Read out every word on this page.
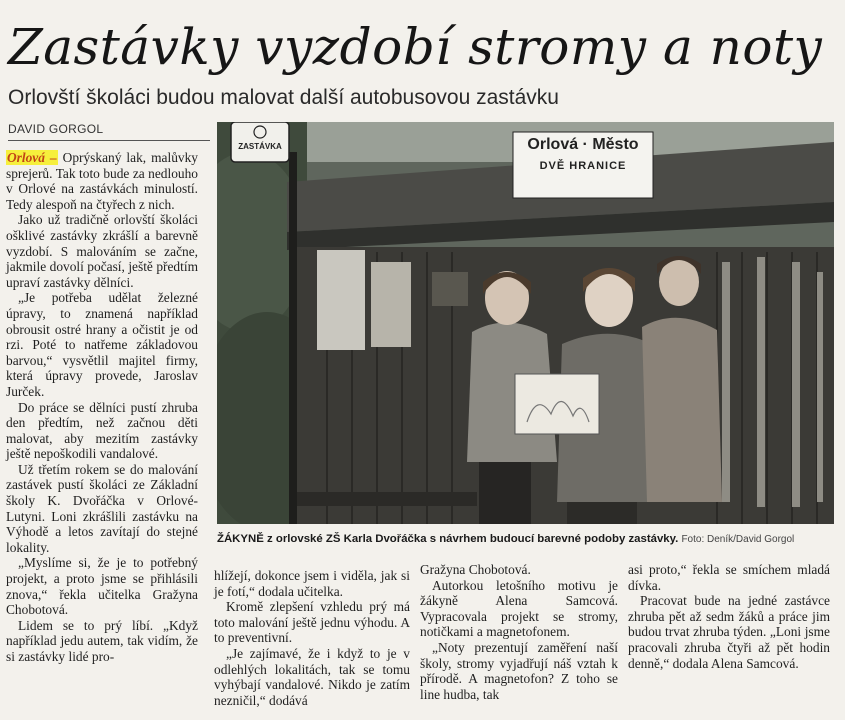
Zastávky vyzdobí stromy a noty
Orlovští školáci budou malovat další autobusovou zastávku
DAVID GORGOL

Orlová – Oprýskaný lak, malůvky sprejerů. Tak toto bude za nedlouho v Orlové na zastávkách minulostí. Tedy alespoň na čtyřech z nich.

Jako už tradičně orlovští školáci ošklivé zastávky zkrášlí a barevně vyzdobí. S malováním se začne, jakmile dovolí počasí, ještě předtím upraví zastávky dělníci.

„Je potřeba udělat železné úpravy, to znamená například obrousit ostré hrany a očistit je od rzi. Poté to natřeme základovou barvou,“ vysvětlil majitel firmy, která úpravy provede, Jaroslav Jurček.

Do práce se dělníci pustí zhruba den předtím, než začnou děti malovat, aby mezitím zastávky ještě nepoškodili vandalové.

Už třetím rokem se do malování zastávek pustí školáci ze Základní školy K. Dvořáčka v Orlové-Lutyni. Loni zkrášlili zastávku na Výhodě a letos zavítají do stejné lokality.

„Myslíme si, že je to potřebný projekt, a proto jsme se přihlásili znova,“ řekla učitelka Gražyna Chobotová.

Lidem se to prý líbí. „Když například jedu autem, tak vidím, že si zastávky lidé pro-

Orlová · Město
DVĚ HRANICE
ZASTÁVKA
ŽÁKYNĚ z orlovské ZŠ Karla Dvořáčka s návrhem budoucí barevné podoby zastávky. Foto: Deník/David Gorgol

hlížejí, dokonce jsem i viděla, jak si je fotí,“ dodala učitelka.

Kromě zlepšení vzhledu prý má toto malování ještě jednu výhodu. A to preventivní.

„Je zajímavé, že i když to je v odlehlých lokalitách, tak se tomu vyhýbají vandalové. Nikdo je zatím nezničil,“ dodává

Gražyna Chobotová.

Autorkou letošního motivu je žákyně Alena Samcová. Vypracovala projekt se stromy, notičkami a magnetofonem.

„Noty prezentují zaměření naší školy, stromy vyjadřují náš vztah k přírodě. A magnetofon? Z toho se line hudba, tak

asi proto,“ řekla se smíchem mladá dívka.

Pracovat bude na jedné zastávce zhruba pět až sedm žáků a práce jim budou trvat zhruba týden. „Loni jsme pracovali zhruba čtyři až pět hodin denně,“ dodala Alena Samcová.
